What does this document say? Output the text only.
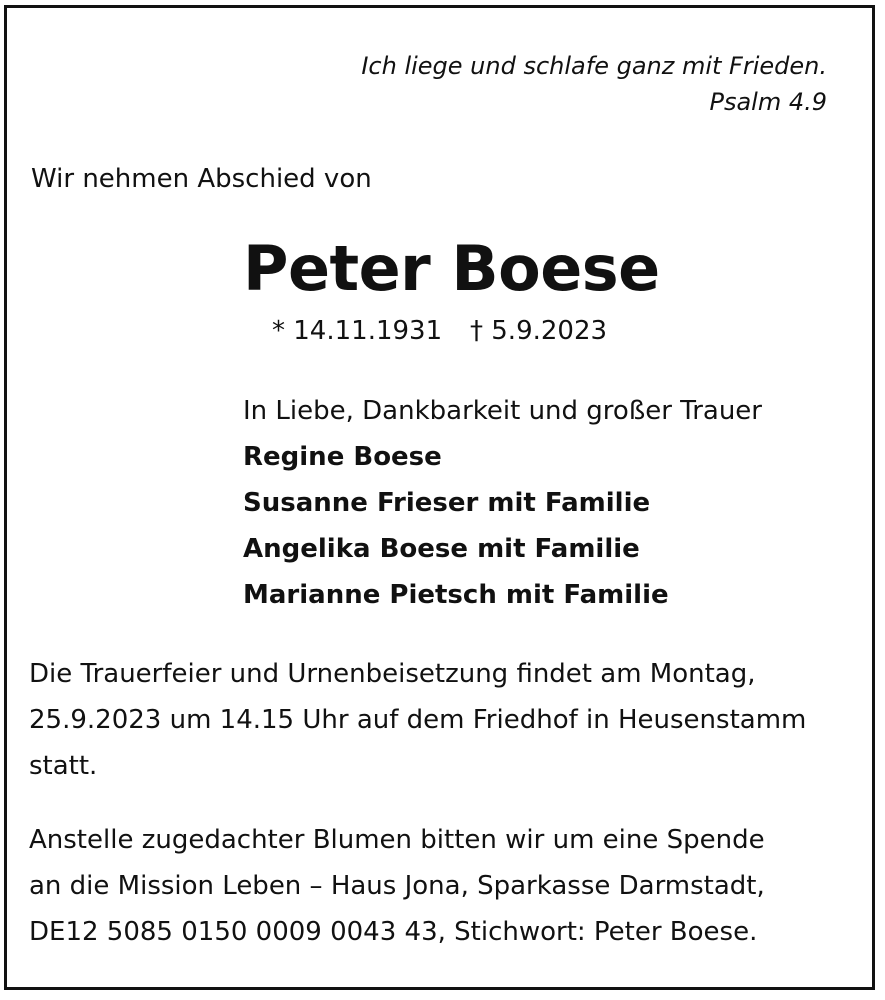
Ich liege und schlafe ganz mit Frieden.

Psalm 4.9

Wir nehmen Abschied von

Peter Boese
* 14.11.1931 † 5.9.2023

In Liebe, Dankbarkeit und großer Trauer

Regine Boese

Susanne Frieser mit Familie

Angelika Boese mit Familie

Marianne Pietsch mit Familie

Die Trauerfeier und Urnenbeisetzung findet am Montag,

25.9.2023 um 14.15 Uhr auf dem Friedhof in Heusenstamm

statt.

Anstelle zugedachter Blumen bitten wir um eine Spende

an die Mission Leben – Haus Jona, Sparkasse Darmstadt,

DE12 5085 0150 0009 0043 43, Stichwort: Peter Boese.
